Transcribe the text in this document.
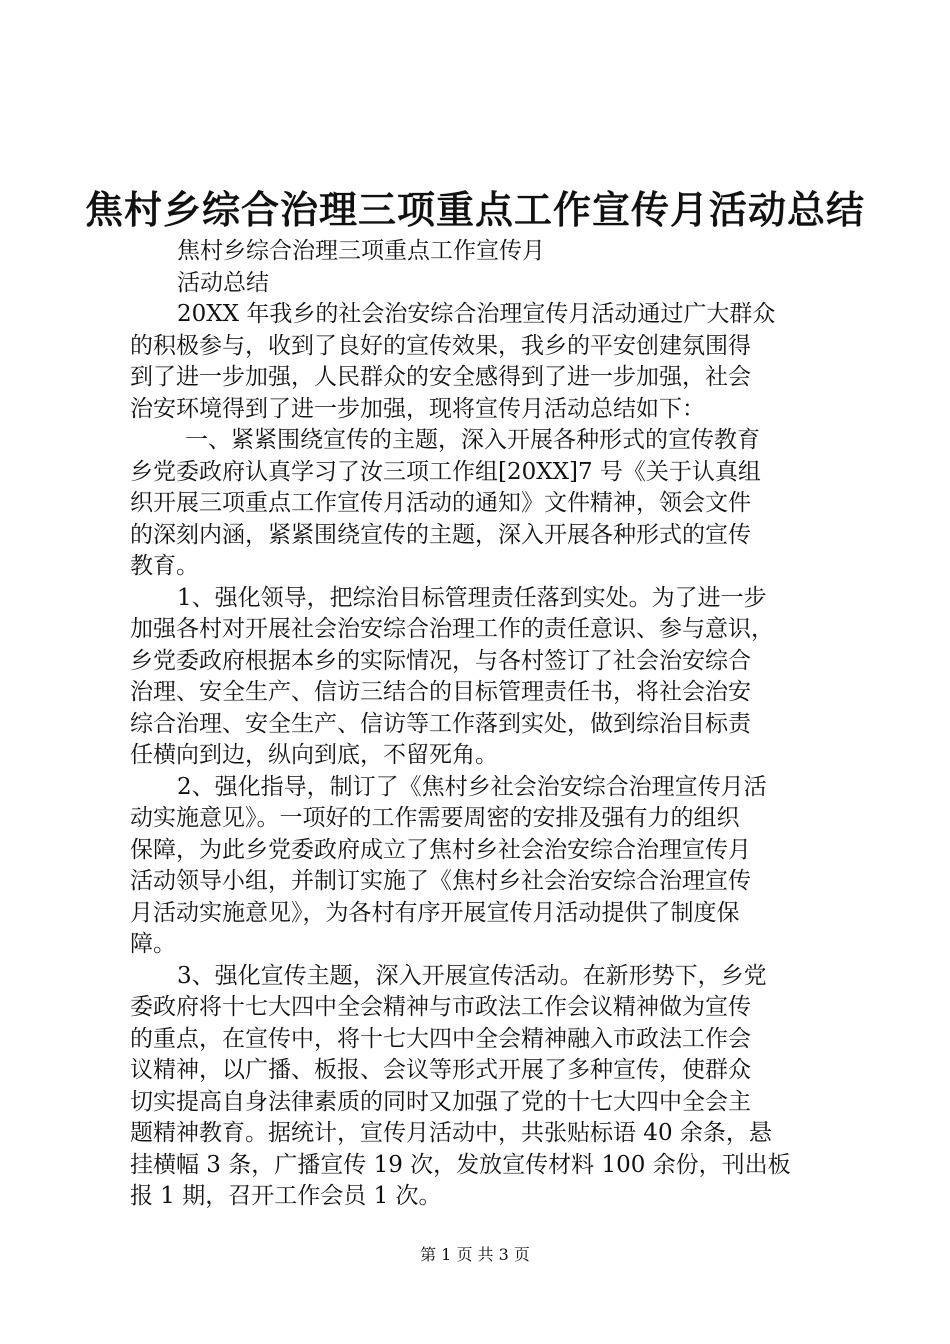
焦村乡综合治理三项重点工作宣传月活动总结
焦村乡综合治理三项重点工作宣传月
活动总结
20XX 年我乡的社会治安综合治理宣传月活动通过广大群众
的积极参与，收到了良好的宣传效果，我乡的平安创建氛围得
到了进一步加强，人民群众的安全感得到了进一步加强，社会
治安环境得到了进一步加强，现将宣传月活动总结如下：
一、紧紧围绕宣传的主题，深入开展各种形式的宣传教育
乡党委政府认真学习了汝三项工作组[20XX]7 号《关于认真组
织开展三项重点工作宣传月活动的通知》文件精神，领会文件
的深刻内涵，紧紧围绕宣传的主题，深入开展各种形式的宣传
教育。
1、强化领导，把综治目标管理责任落到实处。为了进一步
加强各村对开展社会治安综合治理工作的责任意识、参与意识，
乡党委政府根据本乡的实际情况，与各村签订了社会治安综合
治理、安全生产、信访三结合的目标管理责任书，将社会治安
综合治理、安全生产、信访等工作落到实处，做到综治目标责
任横向到边，纵向到底，不留死角。
2、强化指导，制订了《焦村乡社会治安综合治理宣传月活
动实施意见》。一项好的工作需要周密的安排及强有力的组织
保障，为此乡党委政府成立了焦村乡社会治安综合治理宣传月
活动领导小组，并制订实施了《焦村乡社会治安综合治理宣传
月活动实施意见》，为各村有序开展宣传月活动提供了制度保
障。
3、强化宣传主题，深入开展宣传活动。在新形势下，乡党
委政府将十七大四中全会精神与市政法工作会议精神做为宣传
的重点，在宣传中，将十七大四中全会精神融入市政法工作会
议精神，以广播、板报、会议等形式开展了多种宣传，使群众
切实提高自身法律素质的同时又加强了党的十七大四中全会主
题精神教育。据统计，宣传月活动中，共张贴标语 40 余条，悬
挂横幅 3 条，广播宣传 19 次，发放宣传材料 100 余份，刊出板
报 1 期，召开工作会员 1 次。
第 1 页 共 3 页
